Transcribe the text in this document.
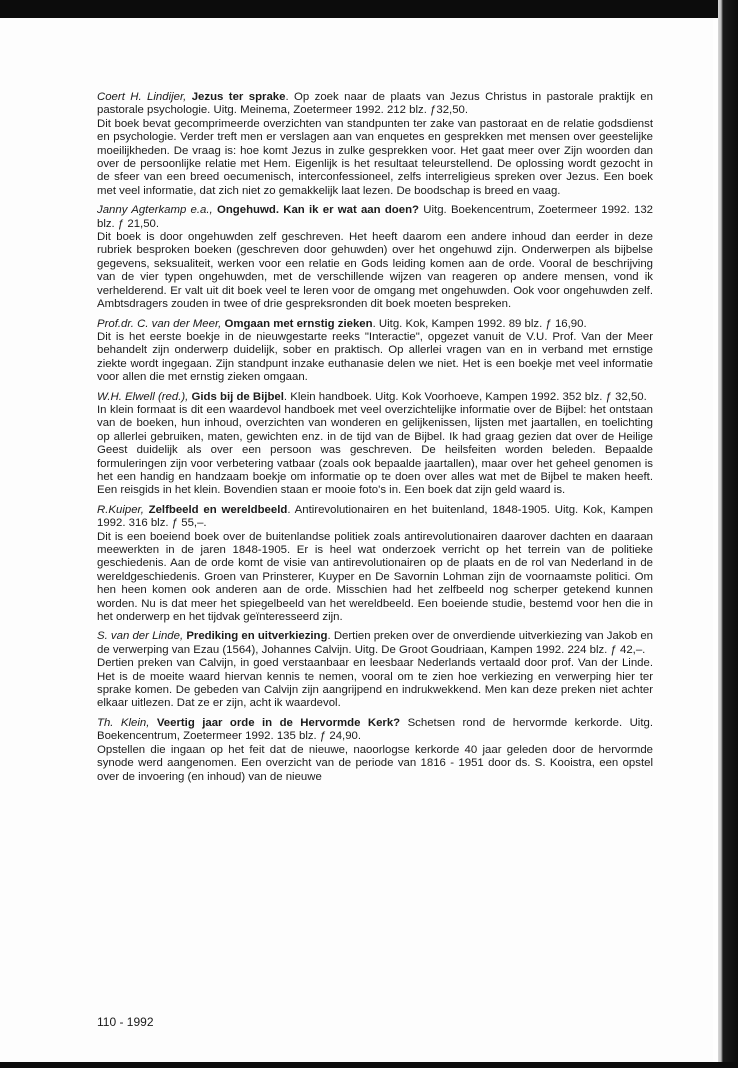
Coert H. Lindijer, Jezus ter sprake. Op zoek naar de plaats van Jezus Christus in pastorale praktijk en pastorale psychologie. Uitg. Meinema, Zoetermeer 1992. 212 blz. ƒ32,50.

Dit boek bevat gecomprimeerde overzichten van standpunten ter zake van pastoraat en de relatie godsdienst en psychologie. Verder treft men er verslagen aan van enquetes en gesprekken met mensen over geestelijke moeilijkheden. De vraag is: hoe komt Jezus in zulke gesprekken voor. Het gaat meer over Zijn woorden dan over de persoonlijke relatie met Hem. Eigenlijk is het resultaat teleurstellend. De oplossing wordt gezocht in de sfeer van een breed oecumenisch, interconfessioneel, zelfs interreligieus spreken over Jezus. Een boek met veel informatie, dat zich niet zo gemakkelijk laat lezen. De boodschap is breed en vaag.

Janny Agterkamp e.a., Ongehuwd. Kan ik er wat aan doen? Uitg. Boekencentrum, Zoetermeer 1992. 132 blz. ƒ 21,50.

Dit boek is door ongehuwden zelf geschreven. Het heeft daarom een andere inhoud dan eerder in deze rubriek besproken boeken (geschreven door gehuwden) over het ongehuwd zijn. Onderwerpen als bijbelse gegevens, seksualiteit, werken voor een relatie en Gods leiding komen aan de orde. Vooral de beschrijving van de vier typen ongehuwden, met de verschillende wijzen van reageren op andere mensen, vond ik verhelderend. Er valt uit dit boek veel te leren voor de omgang met ongehuwden. Ook voor ongehuwden zelf. Ambtsdragers zouden in twee of drie gespreksronden dit boek moeten bespreken.

Prof.dr. C. van der Meer, Omgaan met ernstig zieken. Uitg. Kok, Kampen 1992. 89 blz. ƒ 16,90.

Dit is het eerste boekje in de nieuwgestarte reeks "Interactie", opgezet vanuit de V.U. Prof. Van der Meer behandelt zijn onderwerp duidelijk, sober en praktisch. Op allerlei vragen van en in verband met ernstige ziekte wordt ingegaan. Zijn standpunt inzake euthanasie delen we niet. Het is een boekje met veel informatie voor allen die met ernstig zieken omgaan.

W.H. Elwell (red.), Gids bij de Bijbel. Klein handboek. Uitg. Kok Voorhoeve, Kampen 1992. 352 blz. ƒ 32,50.

In klein formaat is dit een waardevol handboek met veel overzichtelijke informatie over de Bijbel: het ontstaan van de boeken, hun inhoud, overzichten van wonderen en gelijkenissen, lijsten met jaartallen, en toelichting op allerlei gebruiken, maten, gewichten enz. in de tijd van de Bijbel. Ik had graag gezien dat over de Heilige Geest duidelijk als over een persoon was geschreven. De heilsfeiten worden beleden. Bepaalde formuleringen zijn voor verbetering vatbaar (zoals ook bepaalde jaartallen), maar over het geheel genomen is het een handig en handzaam boekje om informatie op te doen over alles wat met de Bijbel te maken heeft. Een reisgids in het klein. Bovendien staan er mooie foto's in. Een boek dat zijn geld waard is.

R.Kuiper, Zelfbeeld en wereldbeeld. Antirevolutionairen en het buitenland, 1848-1905. Uitg. Kok, Kampen 1992. 316 blz. ƒ 55,–.

Dit is een boeiend boek over de buitenlandse politiek zoals antirevolutionairen daarover dachten en daaraan meewerkten in de jaren 1848-1905. Er is heel wat onderzoek verricht op het terrein van de politieke geschiedenis. Aan de orde komt de visie van antirevolutionairen op de plaats en de rol van Nederland in de wereldgeschiedenis. Groen van Prinsterer, Kuyper en De Savornin Lohman zijn de voornaamste politici. Om hen heen komen ook anderen aan de orde. Misschien had het zelfbeeld nog scherper getekend kunnen worden. Nu is dat meer het spiegelbeeld van het wereldbeeld. Een boeiende studie, bestemd voor hen die in het onderwerp en het tijdvak geïnteresseerd zijn.

S. van der Linde, Prediking en uitverkiezing. Dertien preken over de onverdiende uitverkiezing van Jakob en de verwerping van Ezau (1564), Johannes Calvijn. Uitg. De Groot Goudriaan, Kampen 1992. 224 blz. ƒ 42,–.

Dertien preken van Calvijn, in goed verstaanbaar en leesbaar Nederlands vertaald door prof. Van der Linde. Het is de moeite waard hiervan kennis te nemen, vooral om te zien hoe verkiezing en verwerping hier ter sprake komen. De gebeden van Calvijn zijn aangrijpend en indrukwekkend. Men kan deze preken niet achter elkaar uitlezen. Dat ze er zijn, acht ik waardevol.

Th. Klein, Veertig jaar orde in de Hervormde Kerk? Schetsen rond de hervormde kerkorde. Uitg. Boekencentrum, Zoetermeer 1992. 135 blz. ƒ 24,90.

Opstellen die ingaan op het feit dat de nieuwe, naoorlogse kerkorde 40 jaar geleden door de hervormde synode werd aangenomen. Een overzicht van de periode van 1816 - 1951 door ds. S. Kooistra, een opstel over de invoering (en inhoud) van de nieuwe

110 - 1992
